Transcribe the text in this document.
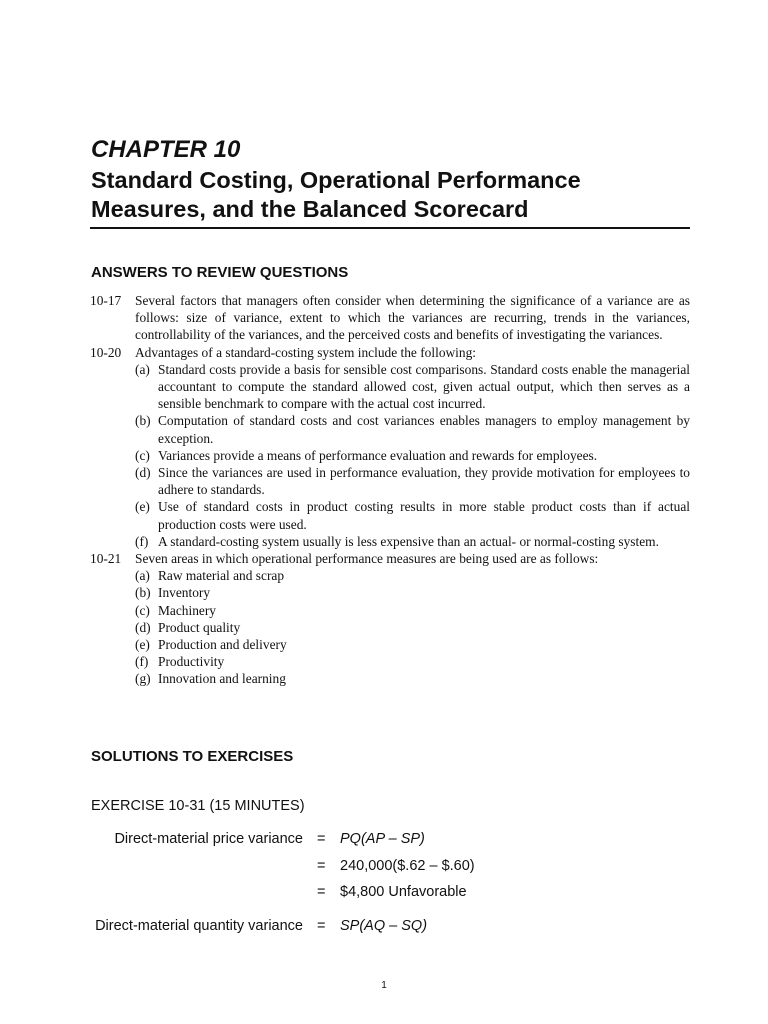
CHAPTER 10
Standard Costing, Operational Performance
Measures, and the Balanced Scorecard
ANSWERS TO REVIEW QUESTIONS
10-17	Several factors that managers often consider when determining the significance of a variance are as follows: size of variance, extent to which the variances are recurring, trends in the variances, controllability of the variances, and the perceived costs and benefits of investigating the variances.
10-20	Advantages of a standard-costing system include the following:
(a) Standard costs provide a basis for sensible cost comparisons. Standard costs enable the managerial accountant to compute the standard allowed cost, given actual output, which then serves as a sensible benchmark to compare with the actual cost incurred.
(b) Computation of standard costs and cost variances enables managers to employ management by exception.
(c) Variances provide a means of performance evaluation and rewards for employees.
(d) Since the variances are used in performance evaluation, they provide motivation for employees to adhere to standards.
(e) Use of standard costs in product costing results in more stable product costs than if actual production costs were used.
(f) A standard-costing system usually is less expensive than an actual- or normal-costing system.
10-21	Seven areas in which operational performance measures are being used are as follows:
(a) Raw material and scrap
(b) Inventory
(c) Machinery
(d) Product quality
(e) Production and delivery
(f) Productivity
(g) Innovation and learning
SOLUTIONS TO EXERCISES

EXERCISE 10-31 (15 MINUTES)

Direct-material price variance = PQ(AP – SP)
= 240,000($.62 – $.60)
= $4,800 Unfavorable
Direct-material quantity variance = SP(AQ – SQ)
1
